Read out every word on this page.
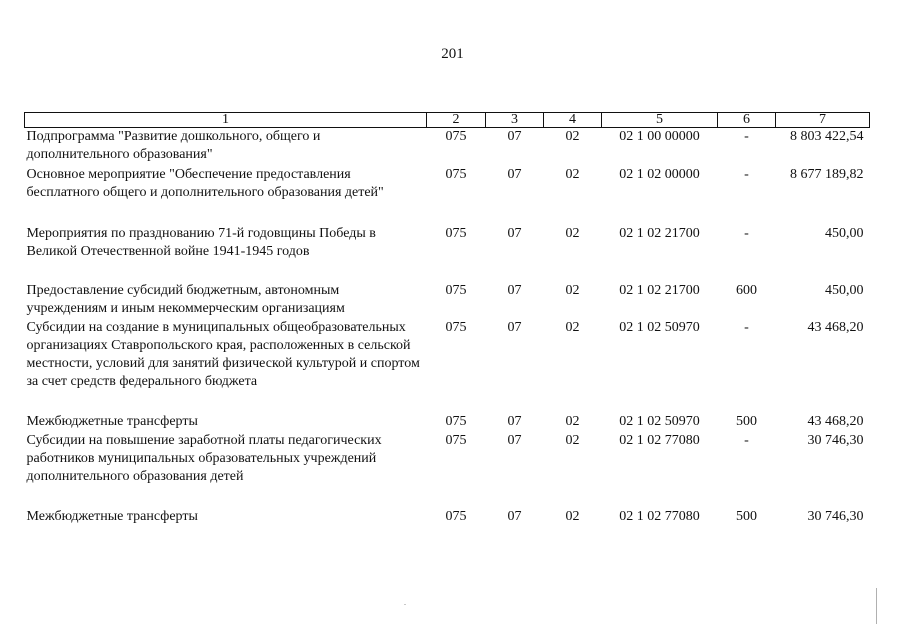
201
1	2	3	4	5	6	7
Подпрограмма "Развитие дошкольного, общего и дополнительного образования"	075	07	02	02 1 00 00000	-	8 803 422,54
Основное мероприятие "Обеспечение предоставления бесплатного общего и дополнительного образования детей"	075	07	02	02 1 02 00000	-	8 677 189,82
Мероприятия по празднованию 71-й годовщины Победы в Великой Отечественной войне 1941-1945 годов	075	07	02	02 1 02 21700	-	450,00
Предоставление субсидий бюджетным, автономным учреждениям и иным некоммерческим организациям	075	07	02	02 1 02 21700	600	450,00
Субсидии на создание в муниципальных общеобразовательных организациях Ставропольского края, расположенных в сельской местности, условий для занятий физической культурой и спортом за счет средств федерального бюджета	075	07	02	02 1 02 50970	-	43 468,20
Межбюджетные трансферты	075	07	02	02 1 02 50970	500	43 468,20
Субсидии на повышение заработной платы педагогических работников муниципальных образовательных учреждений дополнительного образования детей	075	07	02	02 1 02 77080	-	30 746,30
Межбюджетные трансферты	075	07	02	02 1 02 77080	500	30 746,30
